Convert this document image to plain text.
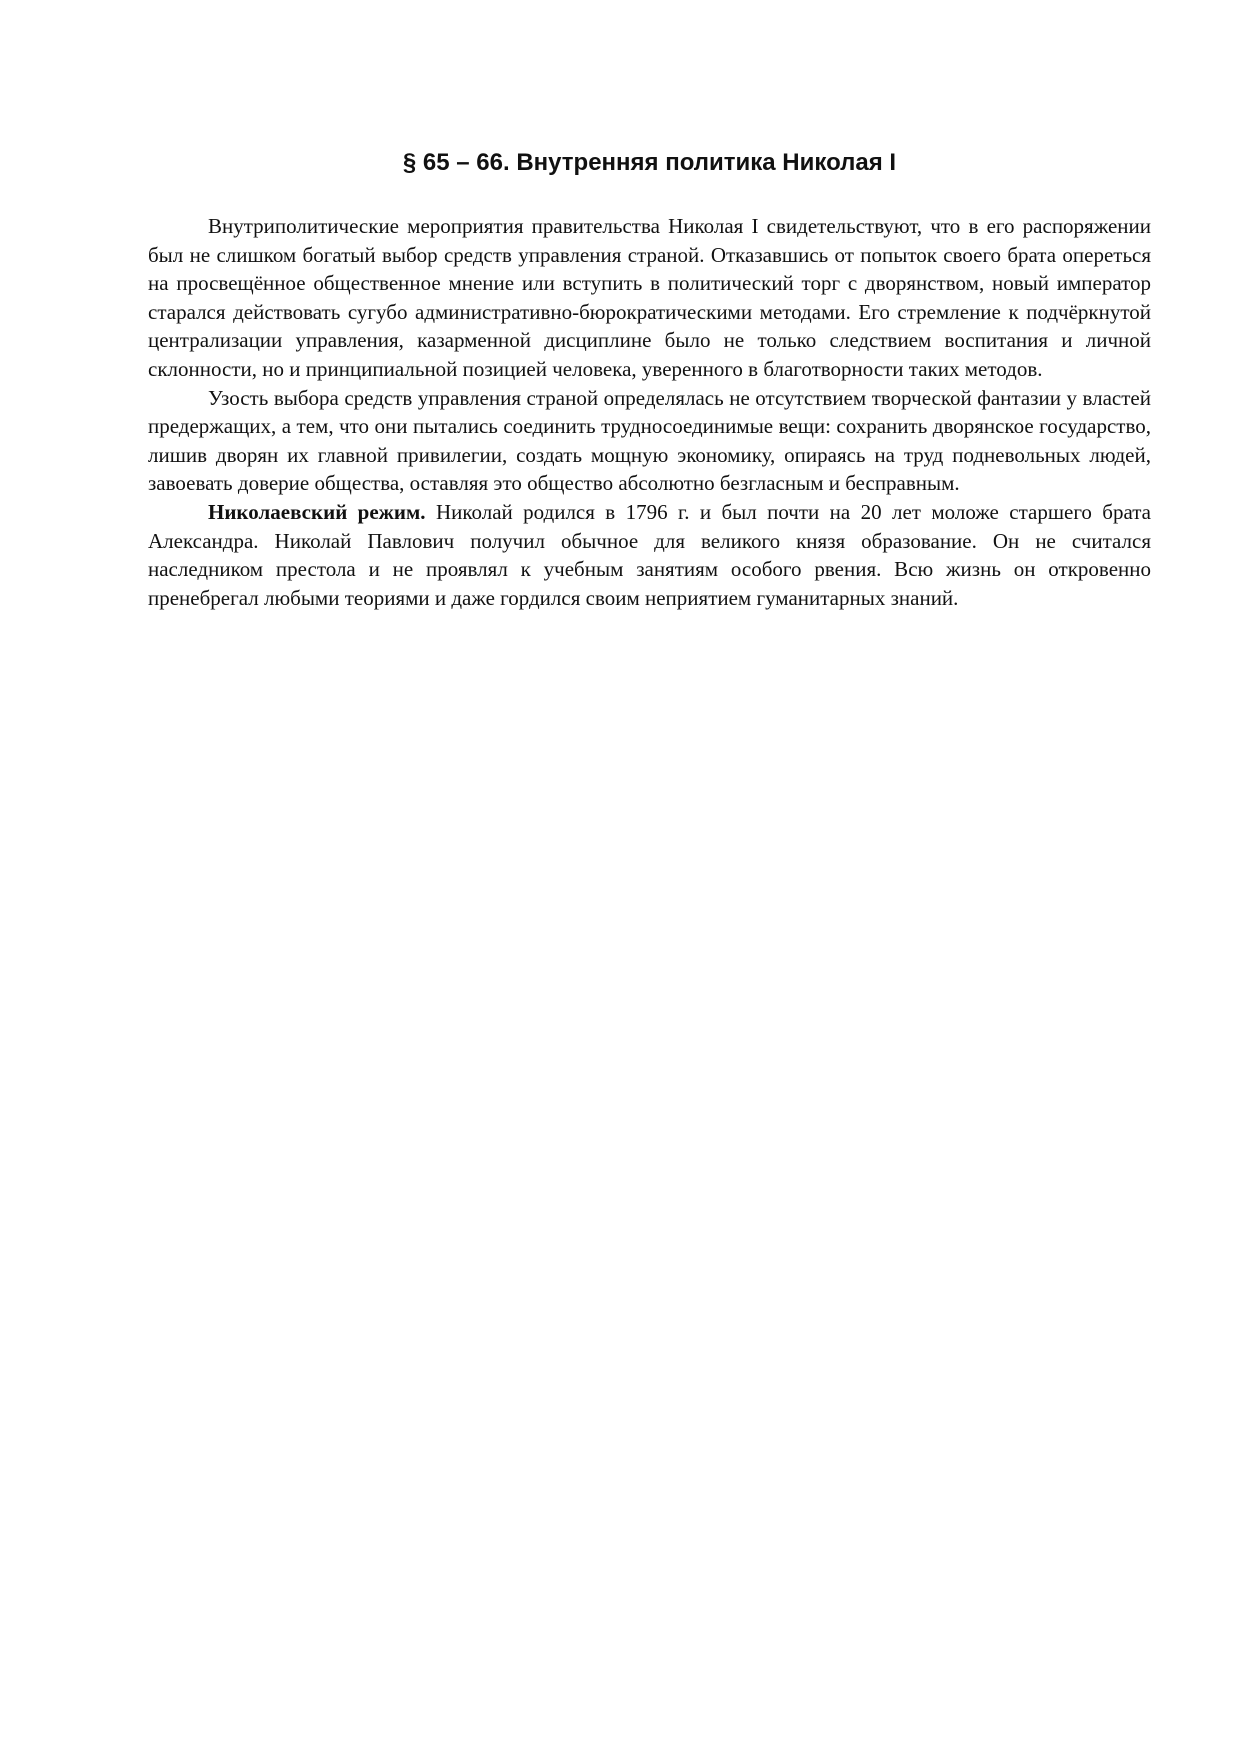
§ 65 – 66. Внутренняя политика Николая I

Внутриполитические мероприятия правительства Николая I свидетельствуют, что в его распоряжении был не слишком богатый выбор средств управления страной. Отказавшись от попыток своего брата опереться на просвещённое общественное мнение или вступить в политический торг с дворянством, новый император старался действовать сугубо административно-бюрократическими методами. Его стремление к подчёркнутой централизации управления, казарменной дисциплине было не только следствием воспитания и личной склонности, но и принципиальной позицией человека, уверенного в благотворности таких методов.

Узость выбора средств управления страной определялась не отсутствием творческой фантазии у властей предержащих, а тем, что они пытались соединить трудносоединимые вещи: сохранить дворянское государство, лишив дворян их главной привилегии, создать мощную экономику, опираясь на труд подневольных людей, завоевать доверие общества, оставляя это общество абсолютно безгласным и бесправным.

Николаевский режим. Николай родился в 1796 г. и был почти на 20 лет моложе старшего брата Александра. Николай Павлович получил обычное для великого князя образование. Он не считался наследником престола и не проявлял к учебным занятиям особого рвения. Всю жизнь он откровенно пренебрегал любыми теориями и даже гордился своим неприятием гуманитарных знаний.
